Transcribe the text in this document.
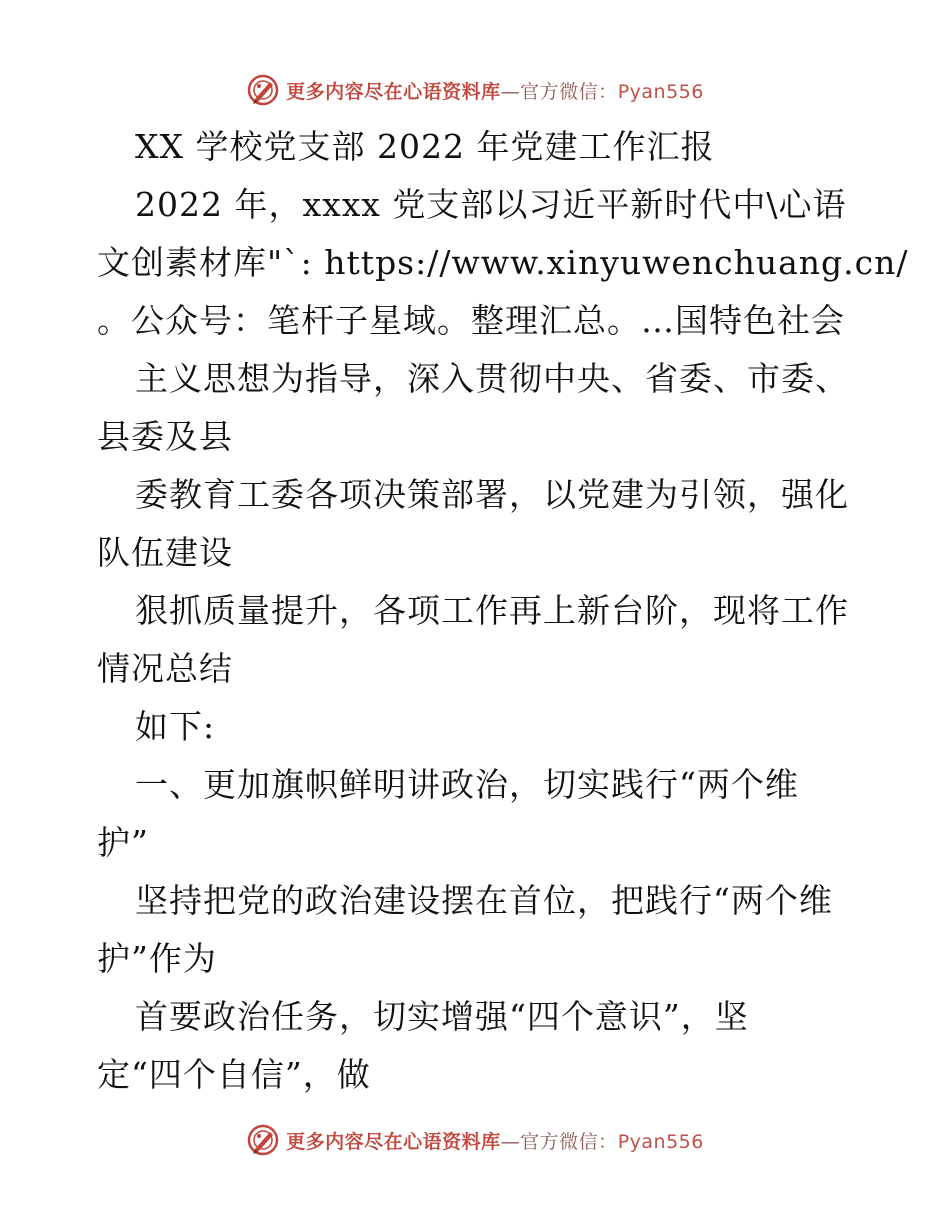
更多内容尽在心语资料库—官方微信：Pyan556
XX 学校党支部 2022 年党建工作汇报
2022 年，xxxx 党支部以习近平新时代中\心语
文创素材库"`: https://www.xinyuwenchuang.cn/
。公众号：笔杆子星域。整理汇总。…国特色社会
主义思想为指导，深入贯彻中央、省委、市委、
县委及县
委教育工委各项决策部署，以党建为引领，强化
队伍建设
狠抓质量提升，各项工作再上新台阶，现将工作
情况总结
如下:
一、更加旗帜鲜明讲政治，切实践行“两个维
护”
坚持把党的政治建设摆在首位，把践行“两个维
护”作为
首要政治任务，切实增强“四个意识”，坚
定“四个自信”，做
更多内容尽在心语资料库—官方微信：Pyan556
